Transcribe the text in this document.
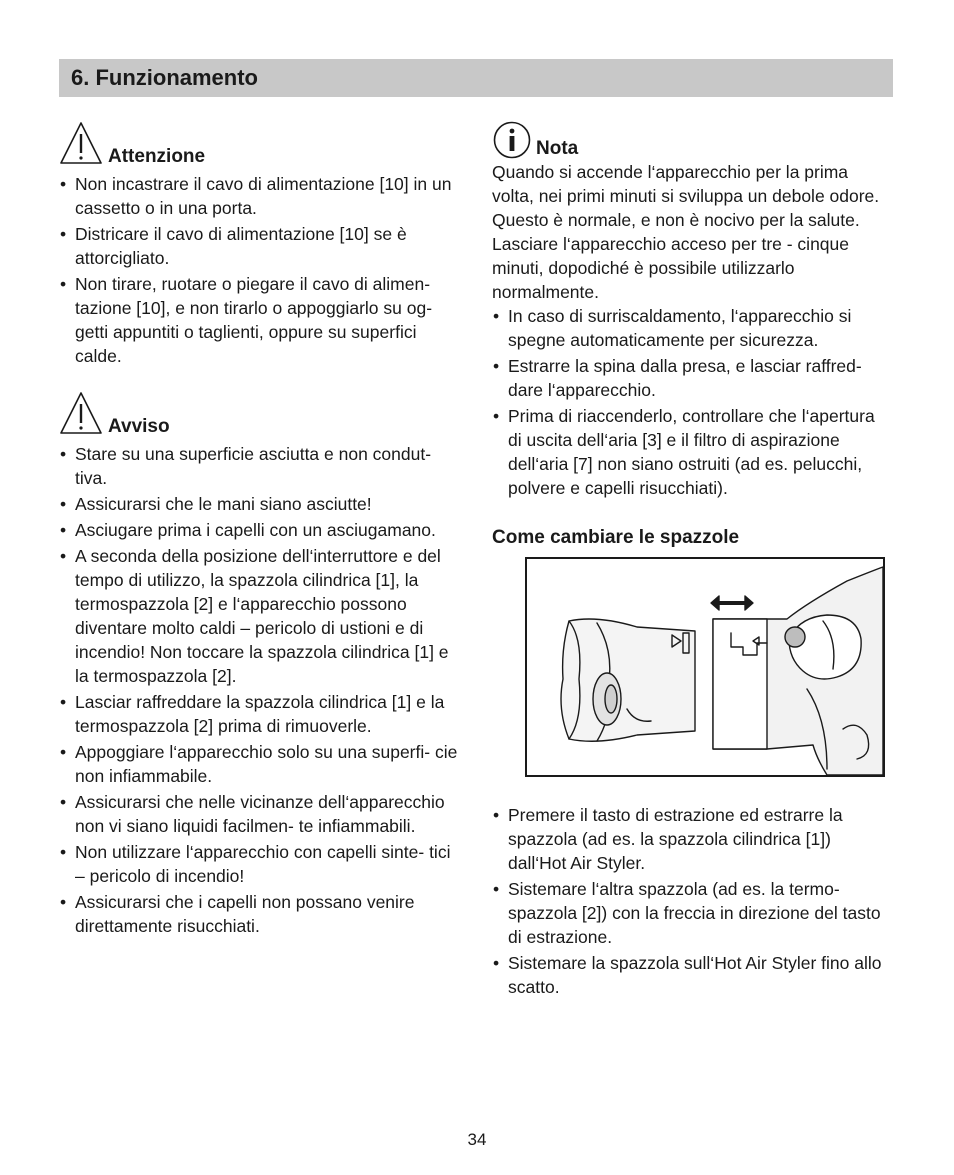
6. Funzionamento
Attenzione
• Non incastrare il cavo di alimentazione [10] in un cassetto o in una porta.
• Districare il cavo di alimentazione [10] se è attorcigliato.
• Non tirare, ruotare o piegare il cavo di alimen- tazione [10], e non tirarlo o appoggiarlo su og- getti appuntiti o taglienti, oppure su superfici calde.
Avviso
• Stare su una superficie asciutta e non condut- tiva.
• Assicurarsi che le mani siano asciutte!
• Asciugare prima i capelli con un asciugamano.
• A seconda della posizione dell‘interruttore e del tempo di utilizzo, la spazzola cilindrica [1], la termospazzola [2] e l‘apparecchio possono diventare molto caldi – pericolo di ustioni e di incendio! Non toccare la spazzola cilindrica [1] e la termospazzola [2].
• Lasciar raffreddare la spazzola cilindrica [1] e la termospazzola [2] prima di rimuoverle.
• Appoggiare l‘apparecchio solo su una superfi- cie non infiammabile.
• Assicurarsi che nelle vicinanze dell‘apparecchio non vi siano liquidi facilmen- te infiammabili.
• Non utilizzare l‘apparecchio con capelli sinte- tici – pericolo di incendio!
• Assicurarsi che i capelli non possano venire direttamente risucchiati.
Nota

Quando si accende l‘apparecchio per la prima volta, nei primi minuti si sviluppa un debole odore. Questo è normale, e non è nocivo per la salute. Lasciare l‘apparecchio acceso per tre - cinque minuti, dopodiché è possibile utilizzarlo normalmente.

• In caso di surriscaldamento, l‘apparecchio si spegne automaticamente per sicurezza.
• Estrarre la spina dalla presa, e lasciar raffred- dare l‘apparecchio.
• Prima di riaccenderlo, controllare che l‘apertura di uscita dell‘aria [3] e il filtro di aspirazione dell‘aria [7] non siano ostruiti (ad es. pelucchi, polvere e capelli risucchiati).
Come cambiare le spazzole
• Premere il tasto di estrazione ed estrarre la spazzola (ad es. la spazzola cilindrica [1]) dall‘Hot Air Styler.
• Sistemare l‘altra spazzola (ad es. la termo- spazzola [2]) con la freccia in direzione del tasto di estrazione.
• Sistemare la spazzola sull‘Hot Air Styler fino allo scatto.
34
